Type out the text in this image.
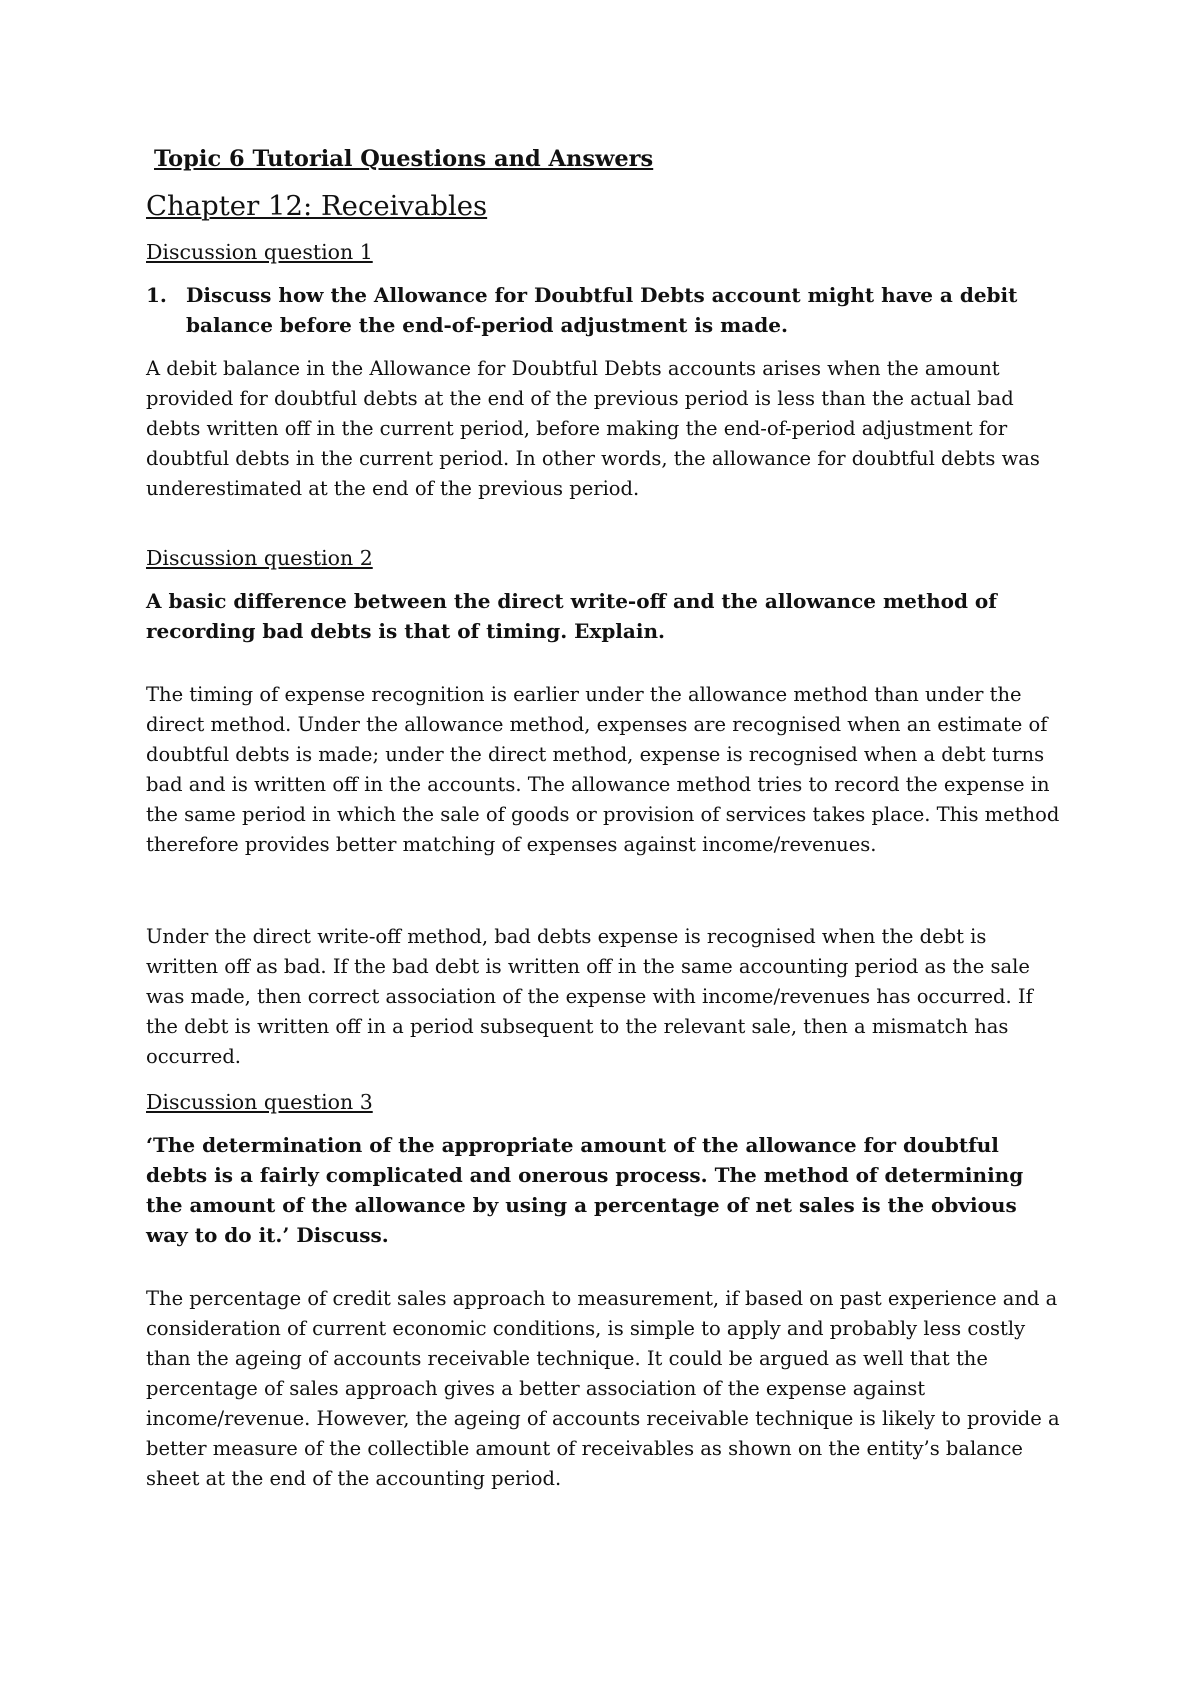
Topic 6 Tutorial Questions and Answers
Chapter 12: Receivables
Discussion question 1
1. Discuss how the Allowance for Doubtful Debts account might have a debit balance before the end-of-period adjustment is made.

A debit balance in the Allowance for Doubtful Debts accounts arises when the amount provided for doubtful debts at the end of the previous period is less than the actual bad debts written off in the current period, before making the end-of-period adjustment for doubtful debts in the current period. In other words, the allowance for doubtful debts was underestimated at the end of the previous period.

Discussion question 2

A basic difference between the direct write-off and the allowance method of recording bad debts is that of timing. Explain.

The timing of expense recognition is earlier under the allowance method than under the direct method. Under the allowance method, expenses are recognised when an estimate of doubtful debts is made; under the direct method, expense is recognised when a debt turns bad and is written off in the accounts. The allowance method tries to record the expense in the same period in which the sale of goods or provision of services takes place. This method therefore provides better matching of expenses against income/revenues.

Under the direct write-off method, bad debts expense is recognised when the debt is written off as bad. If the bad debt is written off in the same accounting period as the sale was made, then correct association of the expense with income/revenues has occurred. If the debt is written off in a period subsequent to the relevant sale, then a mismatch has occurred.

Discussion question 3

‘The determination of the appropriate amount of the allowance for doubtful debts is a fairly complicated and onerous process. The method of determining the amount of the allowance by using a percentage of net sales is the obvious way to do it.’ Discuss.

The percentage of credit sales approach to measurement, if based on past experience and a consideration of current economic conditions, is simple to apply and probably less costly than the ageing of accounts receivable technique. It could be argued as well that the percentage of sales approach gives a better association of the expense against income/revenue. However, the ageing of accounts receivable technique is likely to provide a better measure of the collectible amount of receivables as shown on the entity’s balance sheet at the end of the accounting period.
